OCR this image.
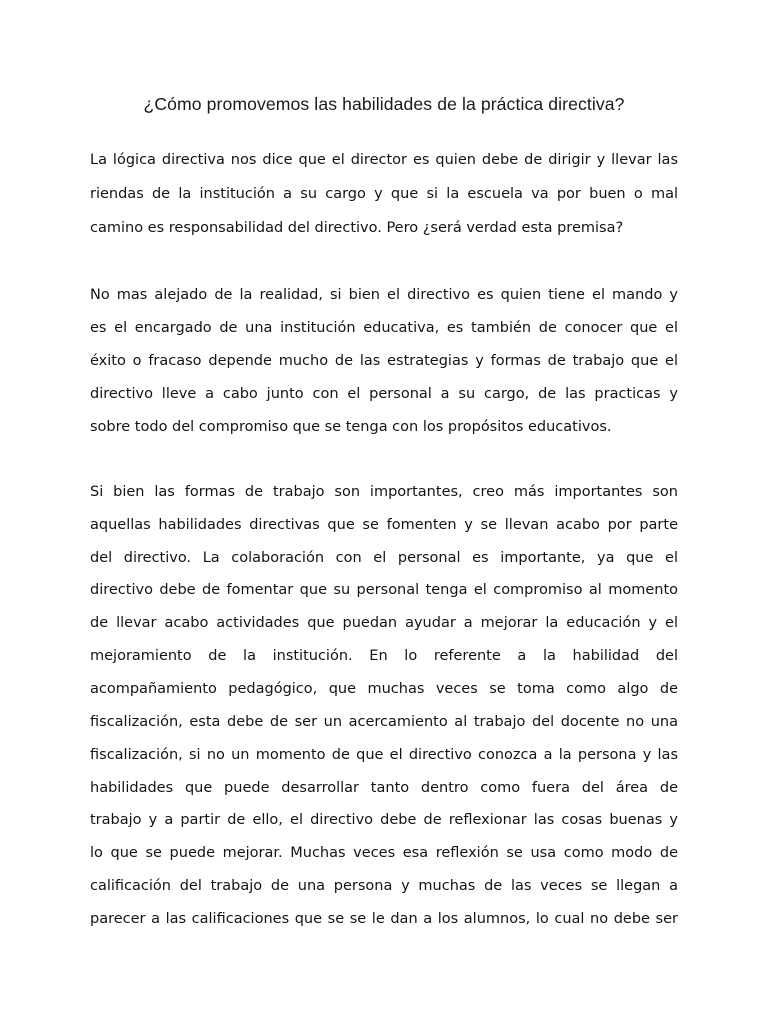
¿Cómo promovemos las habilidades de la práctica directiva?
La lógica directiva nos dice que el director es quien debe de dirigir y llevar las
riendas de la institución a su cargo y que si la escuela va por buen o mal
camino es responsabilidad del directivo. Pero ¿será verdad esta premisa?
No mas alejado de la realidad, si bien el directivo es quien tiene el mando y
es el encargado de una institución educativa, es también de conocer que el
éxito o fracaso depende mucho de las estrategias y formas de trabajo que el
directivo lleve a cabo junto con el personal a su cargo, de las practicas y
sobre todo del compromiso que se tenga con los propósitos educativos.
Si bien las formas de trabajo son importantes, creo más importantes son
aquellas habilidades directivas que se fomenten y se llevan acabo por parte
del directivo. La colaboración con el personal es importante, ya que el
directivo debe de fomentar que su personal tenga el compromiso al momento
de llevar acabo actividades que puedan ayudar a mejorar la educación y el
mejoramiento de la institución. En lo referente a la habilidad del
acompañamiento pedagógico, que muchas veces se toma como algo de
fiscalización, esta debe de ser un acercamiento al trabajo del docente no una
fiscalización, si no un momento de que el directivo conozca a la persona y las
habilidades que puede desarrollar tanto dentro como fuera del área de
trabajo y a partir de ello, el directivo debe de reflexionar las cosas buenas y
lo que se puede mejorar. Muchas veces esa reflexión se usa como modo de
calificación del trabajo de una persona y muchas de las veces se llegan a
parecer a las calificaciones que se se le dan a los alumnos, lo cual no debe ser
